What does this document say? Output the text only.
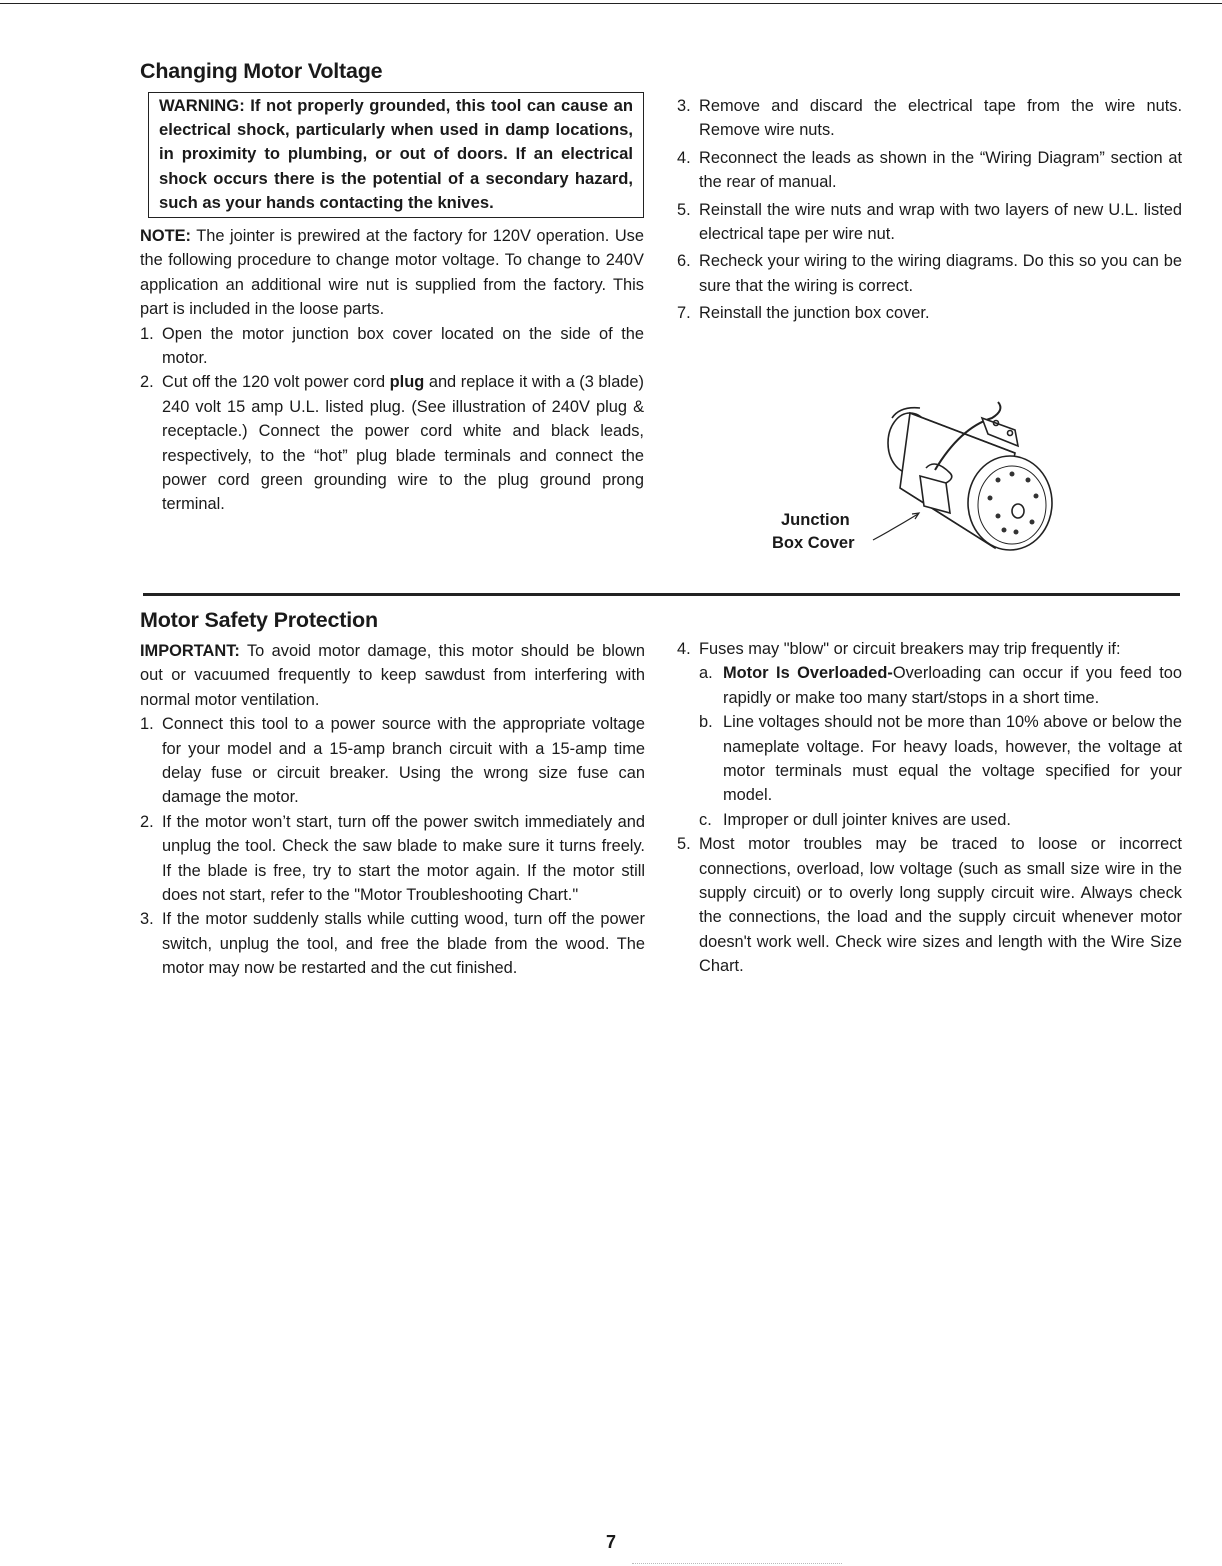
Changing Motor Voltage
WARNING: If not properly grounded, this tool can cause an electrical shock, particularly when used in damp locations, in proximity to plumbing, or out of doors. If an electrical shock occurs there is the potential of a secondary hazard, such as your hands contacting the knives.

NOTE: The jointer is prewired at the factory for 120V operation. Use the following procedure to change motor voltage. To change to 240V application an additional wire nut is supplied from the factory. This part is included in the loose parts.

1. Open the motor junction box cover located on the side of the motor.
2. Cut off the 120 volt power cord plug and replace it with a (3 blade) 240 volt 15 amp U.L. listed plug. (See illustration of 240V plug & receptacle.) Connect the power cord white and black leads, respectively, to the “hot” plug blade terminals and connect the power cord green grounding wire to the plug ground prong terminal.
3. Remove and discard the electrical tape from the wire nuts. Remove wire nuts.
4. Reconnect the leads as shown in the “Wiring Diagram” section at the rear of manual.
5. Reinstall the wire nuts and wrap with two layers of new U.L. listed electrical tape per wire nut.
6. Recheck your wiring to the wiring diagrams. Do this so you can be sure that the wiring is correct.
7. Reinstall the junction box cover.
Junction
Box Cover
Motor Safety Protection

IMPORTANT: To avoid motor damage, this motor should be blown out or vacuumed frequently to keep sawdust from interfering with normal motor ventilation.

1. Connect this tool to a power source with the appropriate voltage for your model and a 15-amp branch circuit with a 15-amp time delay fuse or circuit breaker. Using the wrong size fuse can damage the motor.
2. If the motor won’t start, turn off the power switch immediately and unplug the tool. Check the saw blade to make sure it turns freely. If the blade is free, try to start the motor again. If the motor still does not start, refer to the "Motor Troubleshooting Chart."
3. If the motor suddenly stalls while cutting wood, turn off the power switch, unplug the tool, and free the blade from the wood. The motor may now be restarted and the cut finished.
4. Fuses may "blow" or circuit breakers may trip frequently if:
a. Motor Is Overloaded-Overloading can occur if you feed too rapidly or make too many start/stops in a short time.
b. Line voltages should not be more than 10% above or below the nameplate voltage. For heavy loads, however, the voltage at motor terminals must equal the voltage specified for your model.
c. Improper or dull jointer knives are used.
5. Most motor troubles may be traced to loose or incorrect connections, overload, low voltage (such as small size wire in the supply circuit) or to overly long supply circuit wire. Always check the connections, the load and the supply circuit whenever motor doesn't work well. Check wire sizes and length with the Wire Size Chart.
7
